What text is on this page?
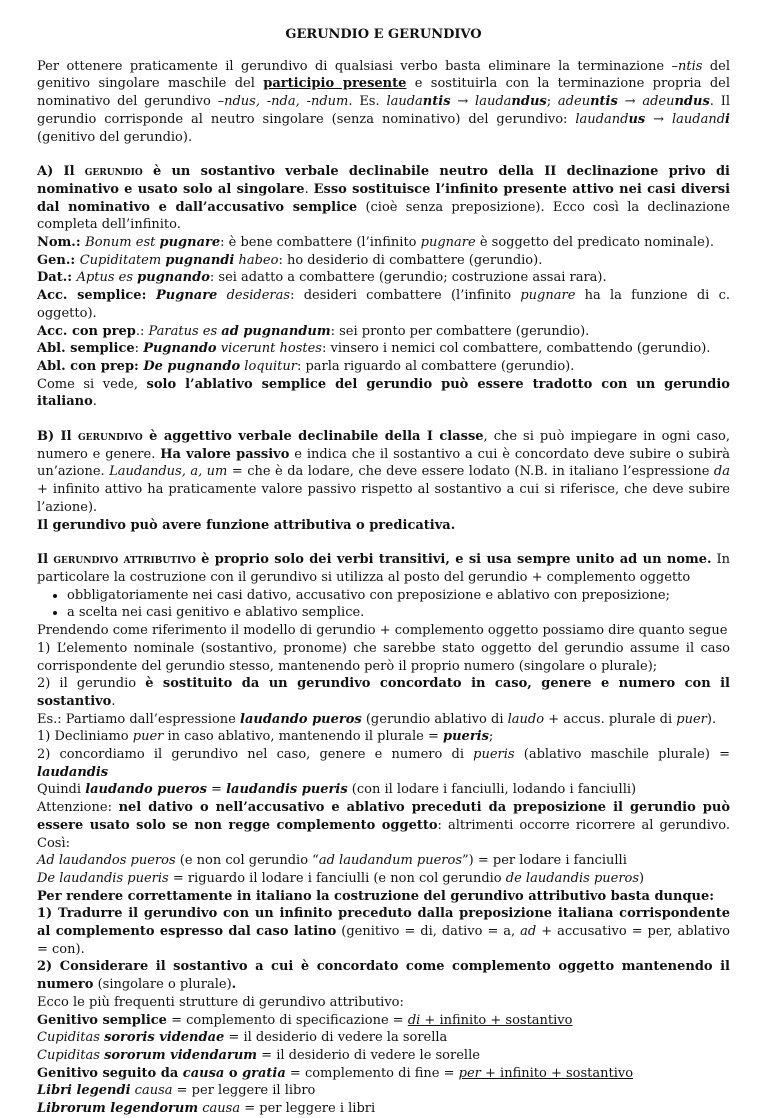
GERUNDIO E GERUNDIVO

Per ottenere praticamente il gerundivo di qualsiasi verbo basta eliminare la terminazione –ntis del genitivo singolare maschile del participio presente e sostituirla con la terminazione propria del nominativo del gerundivo –ndus, -nda, -ndum. Es. laudantis → laudandus; adeuntis → adeundus. Il gerundio corrisponde al neutro singolare (senza nominativo) del gerundivo: laudandus → laudandi (genitivo del gerundio).

A) Il gerundio è un sostantivo verbale declinabile neutro della II declinazione privo di nominativo e usato solo al singolare. Esso sostituisce l’infinito presente attivo nei casi diversi dal nominativo e dall’accusativo semplice (cioè senza preposizione). Ecco così la declinazione completa dell’infinito.

Nom.: Bonum est pugnare: è bene combattere (l’infinito pugnare è soggetto del predicato nominale).

Gen.: Cupiditatem pugnandi habeo: ho desiderio di combattere (gerundio).

Dat.: Aptus es pugnando: sei adatto a combattere (gerundio; costruzione assai rara).

Acc. semplice: Pugnare desideras: desideri combattere (l’infinito pugnare ha la funzione di c. oggetto).

Acc. con prep.: Paratus es ad pugnandum: sei pronto per combattere (gerundio).

Abl. semplice: Pugnando vicerunt hostes: vinsero i nemici col combattere, combattendo (gerundio).

Abl. con prep: De pugnando loquitur: parla riguardo al combattere (gerundio).

Come si vede, solo l’ablativo semplice del gerundio può essere tradotto con un gerundio italiano.

B) Il gerundivo è aggettivo verbale declinabile della I classe, che si può impiegare in ogni caso, numero e genere. Ha valore passivo e indica che il sostantivo a cui è concordato deve subire o subirà un’azione. Laudandus, a, um = che è da lodare, che deve essere lodato (N.B. in italiano l’espressione da + infinito attivo ha praticamente valore passivo rispetto al sostantivo a cui si riferisce, che deve subire l’azione).

Il gerundivo può avere funzione attributiva o predicativa.

Il gerundivo attributivo è proprio solo dei verbi transitivi, e si usa sempre unito ad un nome. In particolare la costruzione con il gerundivo si utilizza al posto del gerundio + complemento oggetto

• obbligatoriamente nei casi dativo, accusativo con preposizione e ablativo con preposizione;
• a scelta nei casi genitivo e ablativo semplice.

Prendendo come riferimento il modello di gerundio + complemento oggetto possiamo dire quanto segue

1) L’elemento nominale (sostantivo, pronome) che sarebbe stato oggetto del gerundio assume il caso corrispondente del gerundio stesso, mantenendo però il proprio numero (singolare o plurale);

2) il gerundio è sostituito da un gerundivo concordato in caso, genere e numero con il sostantivo.

Es.: Partiamo dall’espressione laudando pueros (gerundio ablativo di laudo + accus. plurale di puer).

1) Decliniamo puer in caso ablativo, mantenendo il plurale = pueris;

2) concordiamo il gerundivo nel caso, genere e numero di pueris (ablativo maschile plurale) = laudandis

Quindi laudando pueros = laudandis pueris (con il lodare i fanciulli, lodando i fanciulli)

Attenzione: nel dativo o nell’accusativo e ablativo preceduti da preposizione il gerundio può essere usato solo se non regge complemento oggetto: altrimenti occorre ricorrere al gerundivo. Così:

Ad laudandos pueros (e non col gerundio “ad laudandum pueros”) = per lodare i fanciulli

De laudandis pueris = riguardo il lodare i fanciulli (e non col gerundio de laudandis pueros)

Per rendere correttamente in italiano la costruzione del gerundivo attributivo basta dunque:

1) Tradurre il gerundivo con un infinito preceduto dalla preposizione italiana corrispondente al complemento espresso dal caso latino (genitivo = di, dativo = a, ad + accusativo = per, ablativo = con).

2) Considerare il sostantivo a cui è concordato come complemento oggetto mantenendo il numero (singolare o plurale).

Ecco le più frequenti strutture di gerundivo attributivo:

Genitivo semplice = complemento di specificazione = di + infinito + sostantivo

Cupiditas sororis videndae = il desiderio di vedere la sorella

Cupiditas sororum videndarum = il desiderio di vedere le sorelle

Genitivo seguito da causa o gratia = complemento di fine = per + infinito + sostantivo

Libri legendi causa = per leggere il libro

Librorum legendorum causa = per leggere i libri
